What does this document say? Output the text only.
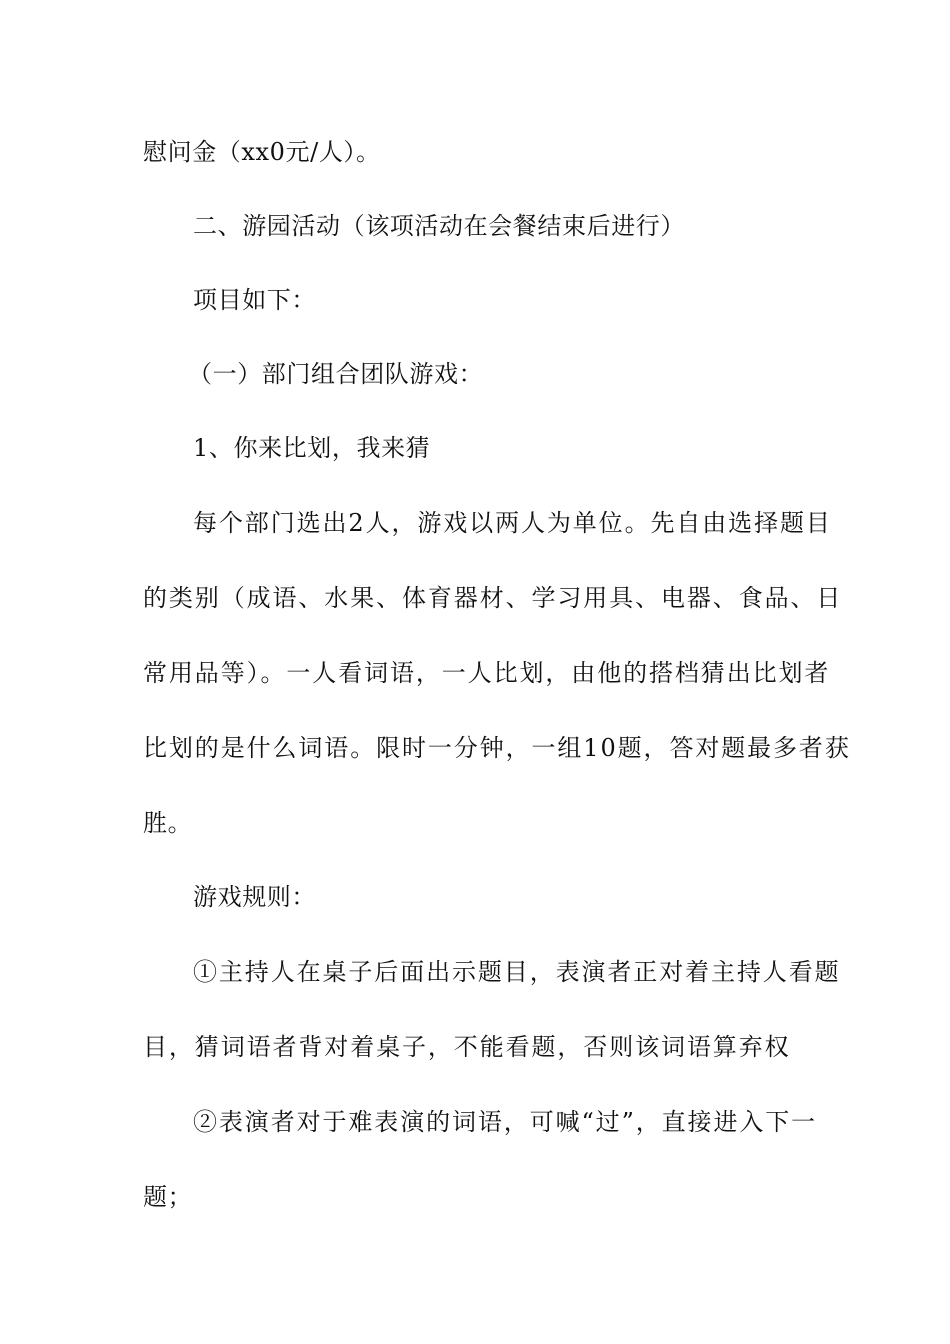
慰问金（xx0元/人）。
二、游园活动（该项活动在会餐结束后进行）
项目如下：
（一）部门组合团队游戏：
1、你来比划，我来猜
每个部门选出2人，游戏以两人为单位。先自由选择题目
的类别（成语、水果、体育器材、学习用具、电器、食品、日
常用品等）。一人看词语，一人比划，由他的搭档猜出比划者
比划的是什么词语。限时一分钟，一组10题，答对题最多者获
胜。
游戏规则：
①主持人在桌子后面出示题目，表演者正对着主持人看题
目，猜词语者背对着桌子，不能看题，否则该词语算弃权
②表演者对于难表演的词语，可喊“过”，直接进入下一
题；
